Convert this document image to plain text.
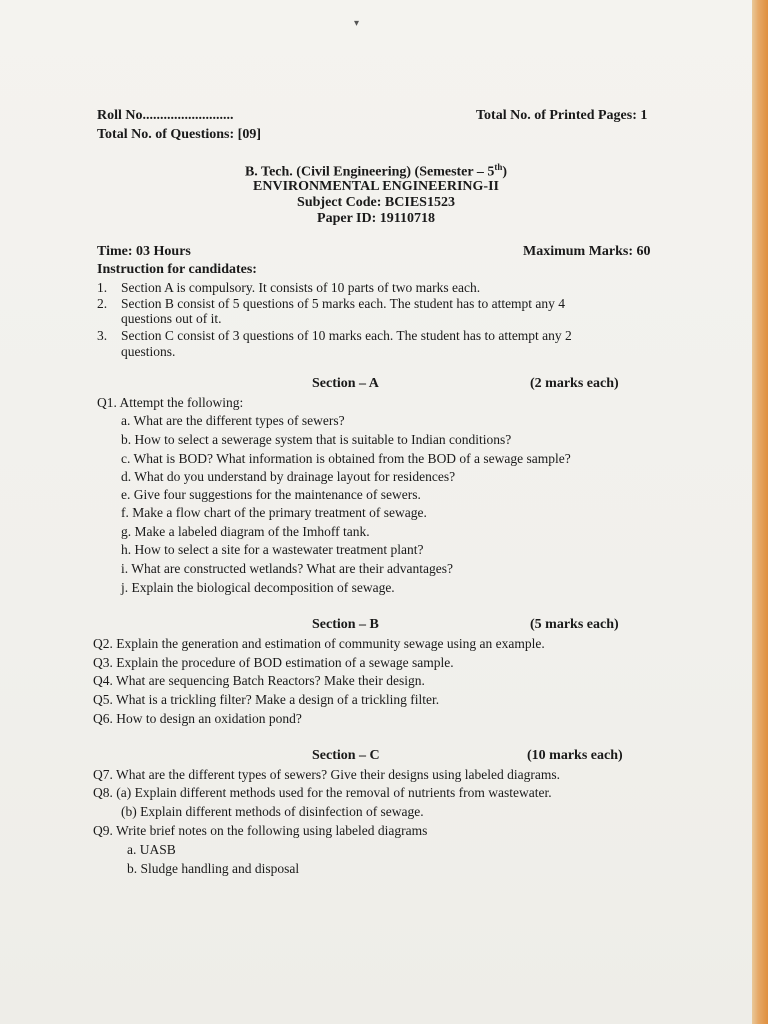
▾
Roll No..........................	Total No. of Printed Pages: 1
Total No. of Questions: [09]
B. Tech. (Civil Engineering) (Semester – 5th)
ENVIRONMENTAL ENGINEERING-II
Subject Code: BCIES1523
Paper ID: 19110718
Time: 03 Hours	Maximum Marks: 60
Instruction for candidates:
1. Section A is compulsory. It consists of 10 parts of two marks each.
2. Section B consist of 5 questions of 5 marks each. The student has to attempt any 4
questions out of it.
3. Section C consist of 3 questions of 10 marks each. The student has to attempt any 2
questions.
Section – A	(2 marks each)
Q1. Attempt the following:
a. What are the different types of sewers?
b. How to select a sewerage system that is suitable to Indian conditions?
c. What is BOD? What information is obtained from the BOD of a sewage sample?
d. What do you understand by drainage layout for residences?
e. Give four suggestions for the maintenance of sewers.
f. Make a flow chart of the primary treatment of sewage.
g. Make a labeled diagram of the Imhoff tank.
h. How to select a site for a wastewater treatment plant?
i. What are constructed wetlands? What are their advantages?
j. Explain the biological decomposition of sewage.
Section – B	(5 marks each)
Q2. Explain the generation and estimation of community sewage using an example.
Q3. Explain the procedure of BOD estimation of a sewage sample.
Q4. What are sequencing Batch Reactors? Make their design.
Q5. What is a trickling filter? Make a design of a trickling filter.
Q6. How to design an oxidation pond?
Section – C	(10 marks each)
Q7. What are the different types of sewers? Give their designs using labeled diagrams.
Q8. (a) Explain different methods used for the removal of nutrients from wastewater.
(b) Explain different methods of disinfection of sewage.
Q9. Write brief notes on the following using labeled diagrams
a. UASB
b. Sludge handling and disposal
